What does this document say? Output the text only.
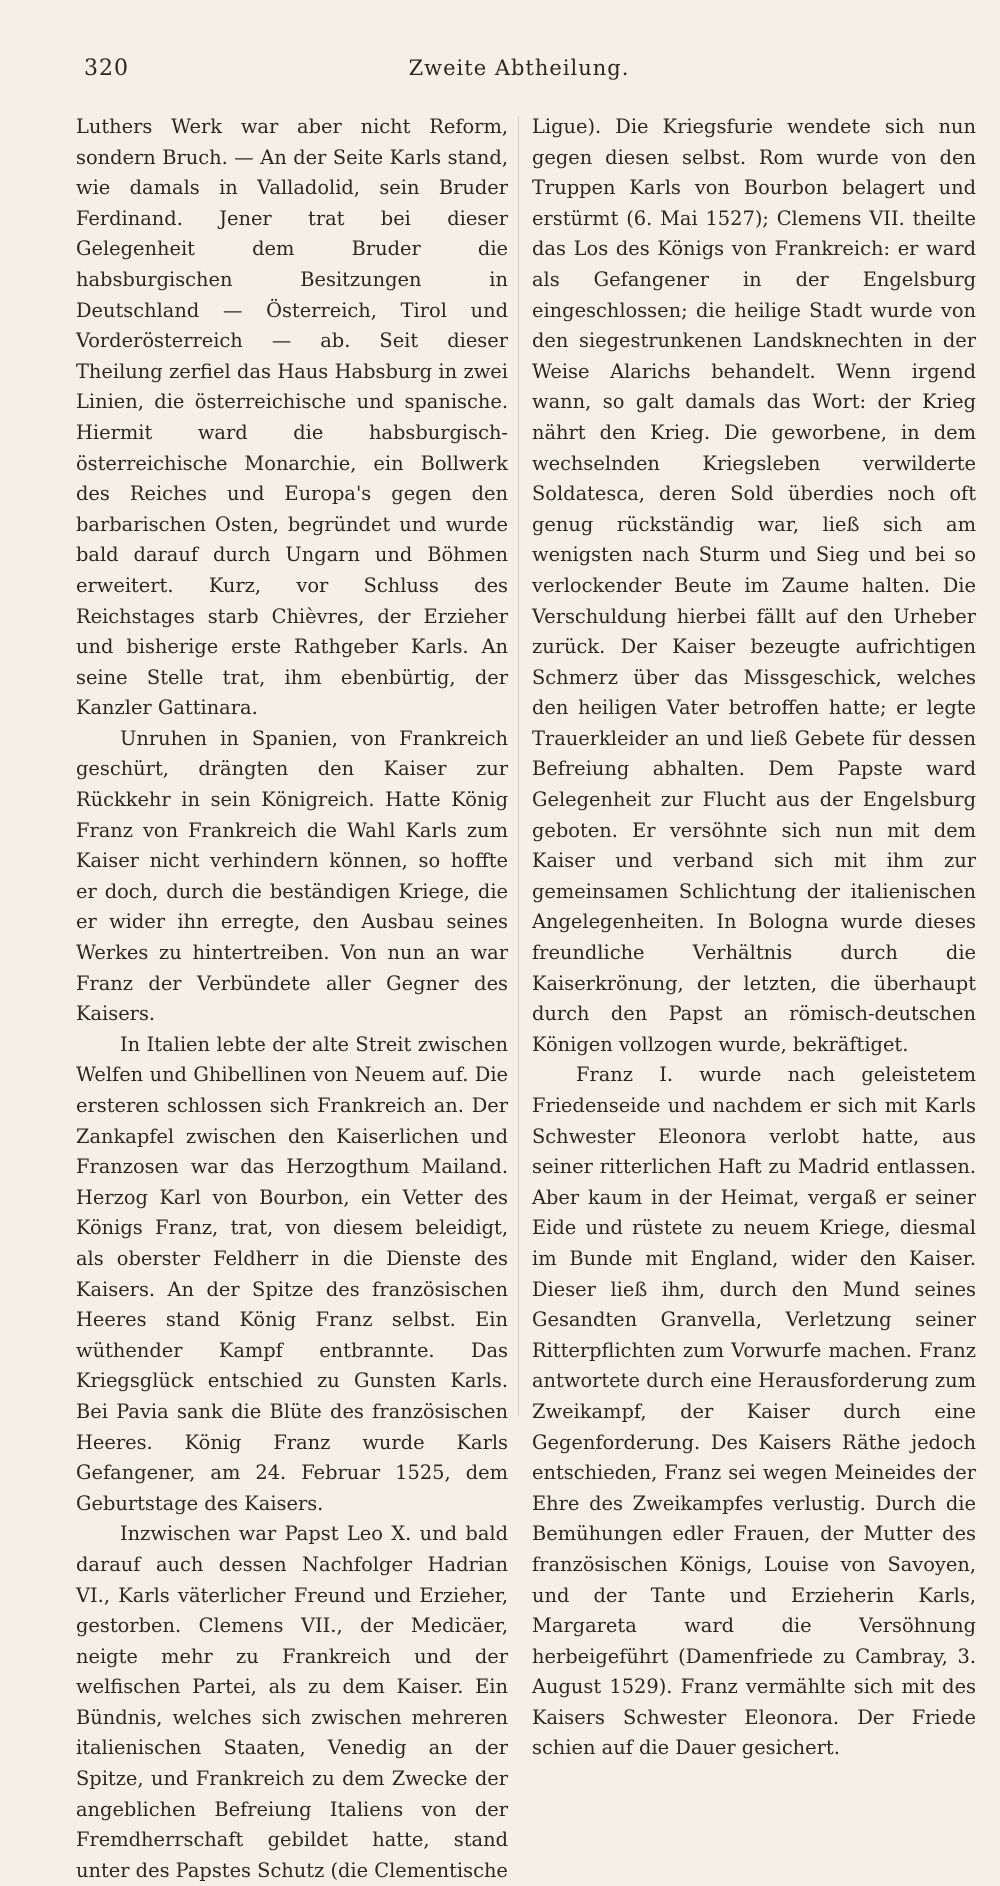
320	Zweite Abtheilung.

Luthers Werk war aber nicht Reform, sondern Bruch. — An der Seite Karls stand, wie damals in Valladolid, sein Bruder Ferdinand. Jener trat bei dieser Gelegenheit dem Bruder die habsburgischen Besitzungen in Deutschland — Österreich, Tirol und Vorderösterreich — ab. Seit dieser Theilung zerfiel das Haus Habsburg in zwei Linien, die österreichische und spanische. Hiermit ward die habsburgisch-österreichische Monarchie, ein Bollwerk des Reiches und Europa's gegen den barbarischen Osten, begründet und wurde bald darauf durch Ungarn und Böhmen erweitert. Kurz, vor Schluss des Reichstages starb Chièvres, der Erzieher und bisherige erste Rathgeber Karls. An seine Stelle trat, ihm ebenbürtig, der Kanzler Gattinara.

Unruhen in Spanien, von Frankreich geschürt, drängten den Kaiser zur Rückkehr in sein Königreich. Hatte König Franz von Frankreich die Wahl Karls zum Kaiser nicht verhindern können, so hoffte er doch, durch die beständigen Kriege, die er wider ihn erregte, den Ausbau seines Werkes zu hintertreiben. Von nun an war Franz der Verbündete aller Gegner des Kaisers.

In Italien lebte der alte Streit zwischen Welfen und Ghibellinen von Neuem auf. Die ersteren schlossen sich Frankreich an. Der Zankapfel zwischen den Kaiserlichen und Franzosen war das Herzogthum Mailand. Herzog Karl von Bourbon, ein Vetter des Königs Franz, trat, von diesem beleidigt, als oberster Feldherr in die Dienste des Kaisers. An der Spitze des französischen Heeres stand König Franz selbst. Ein wüthender Kampf entbrannte. Das Kriegsglück entschied zu Gunsten Karls. Bei Pavia sank die Blüte des französischen Heeres. König Franz wurde Karls Gefangener, am 24. Februar 1525, dem Geburtstage des Kaisers.

Inzwischen war Papst Leo X. und bald darauf auch dessen Nachfolger Hadrian VI., Karls väterlicher Freund und Erzieher, gestorben. Clemens VII., der Medicäer, neigte mehr zu Frankreich und der welfischen Partei, als zu dem Kaiser. Ein Bündnis, welches sich zwischen mehreren italienischen Staaten, Venedig an der Spitze, und Frankreich zu dem Zwecke der angeblichen Befreiung Italiens von der Fremdherrschaft gebildet hatte, stand unter des Papstes Schutz (die Clementische

Ligue). Die Kriegsfurie wendete sich nun gegen diesen selbst. Rom wurde von den Truppen Karls von Bourbon belagert und erstürmt (6. Mai 1527); Clemens VII. theilte das Los des Königs von Frankreich: er ward als Gefangener in der Engelsburg eingeschlossen; die heilige Stadt wurde von den siegestrunkenen Landsknechten in der Weise Alarichs behandelt. Wenn irgend wann, so galt damals das Wort: der Krieg nährt den Krieg. Die geworbene, in dem wechselnden Kriegsleben verwilderte Soldatesca, deren Sold überdies noch oft genug rückständig war, ließ sich am wenigsten nach Sturm und Sieg und bei so verlockender Beute im Zaume halten. Die Verschuldung hierbei fällt auf den Urheber zurück. Der Kaiser bezeugte aufrichtigen Schmerz über das Missgeschick, welches den heiligen Vater betroffen hatte; er legte Trauerkleider an und ließ Gebete für dessen Befreiung abhalten. Dem Papste ward Gelegenheit zur Flucht aus der Engelsburg geboten. Er versöhnte sich nun mit dem Kaiser und verband sich mit ihm zur gemeinsamen Schlichtung der italienischen Angelegenheiten. In Bologna wurde dieses freundliche Verhältnis durch die Kaiserkrönung, der letzten, die überhaupt durch den Papst an römisch-deutschen Königen vollzogen wurde, bekräftiget.

Franz I. wurde nach geleistetem Friedenseide und nachdem er sich mit Karls Schwester Eleonora verlobt hatte, aus seiner ritterlichen Haft zu Madrid entlassen. Aber kaum in der Heimat, vergaß er seiner Eide und rüstete zu neuem Kriege, diesmal im Bunde mit England, wider den Kaiser. Dieser ließ ihm, durch den Mund seines Gesandten Granvella, Verletzung seiner Ritterpflichten zum Vorwurfe machen. Franz antwortete durch eine Herausforderung zum Zweikampf, der Kaiser durch eine Gegenforderung. Des Kaisers Räthe jedoch entschieden, Franz sei wegen Meineides der Ehre des Zweikampfes verlustig. Durch die Bemühungen edler Frauen, der Mutter des französischen Königs, Louise von Savoyen, und der Tante und Erzieherin Karls, Margareta ward die Versöhnung herbeigeführt (Damenfriede zu Cambray, 3. August 1529). Franz vermählte sich mit des Kaisers Schwester Eleonora. Der Friede schien auf die Dauer gesichert.
